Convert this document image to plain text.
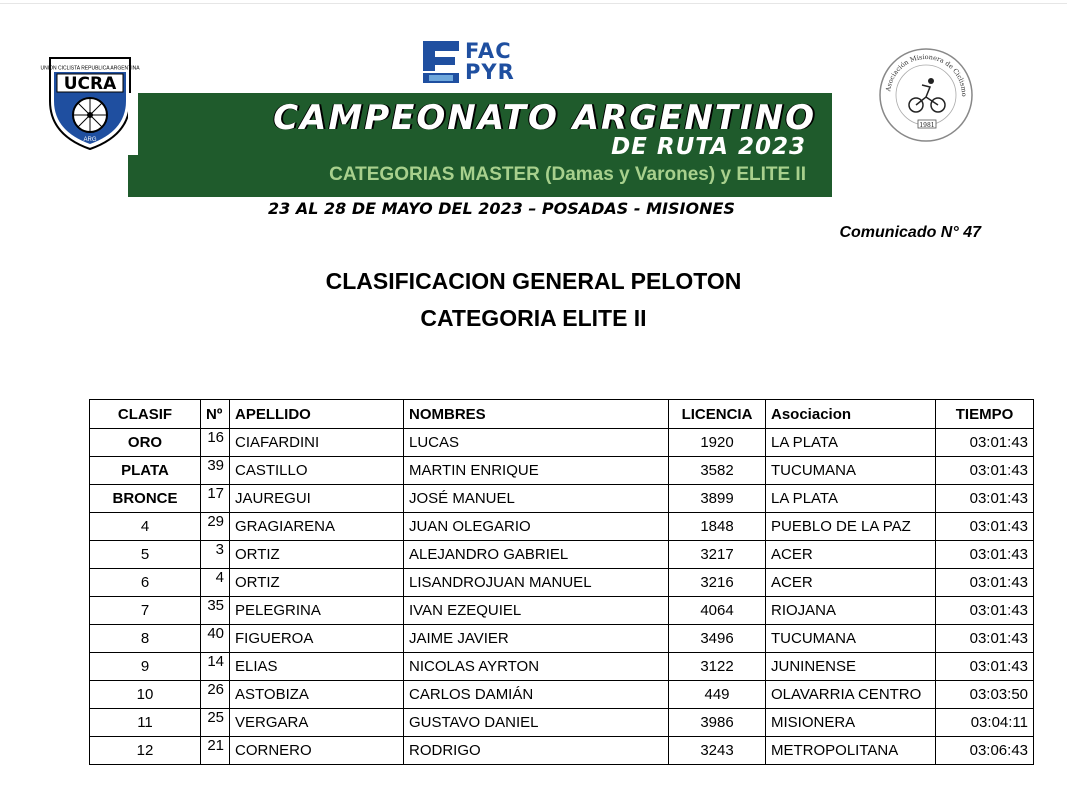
UNION CICLISTA REPUBLICA ARGENTINA
UCRA
ARG
FAC
PYR
CAMPEONATO ARGENTINO
DE RUTA 2023
CATEGORIAS MASTER (Damas y Varones) y ELITE II
23 AL 28 DE MAYO DEL 2023 – POSADAS - MISIONES
Asociación Misionera de Ciclismo
1981
Comunicado N° 47
CLASIFICACION GENERAL PELOTON
CATEGORIA ELITE II
CLASIF	Nº	APELLIDO	NOMBRES	LICENCIA	Asociacion	TIEMPO
ORO	16	CIAFARDINI	LUCAS	1920	LA PLATA	03:01:43
PLATA	39	CASTILLO	MARTIN ENRIQUE	3582	TUCUMANA	03:01:43
BRONCE	17	JAUREGUI	JOSÉ MANUEL	3899	LA PLATA	03:01:43
4	29	GRAGIARENA	JUAN OLEGARIO	1848	PUEBLO DE LA PAZ	03:01:43
5	3	ORTIZ	ALEJANDRO GABRIEL	3217	ACER	03:01:43
6	4	ORTIZ	LISANDROJUAN MANUEL	3216	ACER	03:01:43
7	35	PELEGRINA	IVAN EZEQUIEL	4064	RIOJANA	03:01:43
8	40	FIGUEROA	JAIME JAVIER	3496	TUCUMANA	03:01:43
9	14	ELIAS	NICOLAS AYRTON	3122	JUNINENSE	03:01:43
10	26	ASTOBIZA	CARLOS DAMIÁN	449	OLAVARRIA CENTRO	03:03:50
11	25	VERGARA	GUSTAVO DANIEL	3986	MISIONERA	03:04:11
12	21	CORNERO	RODRIGO	3243	METROPOLITANA	03:06:43
